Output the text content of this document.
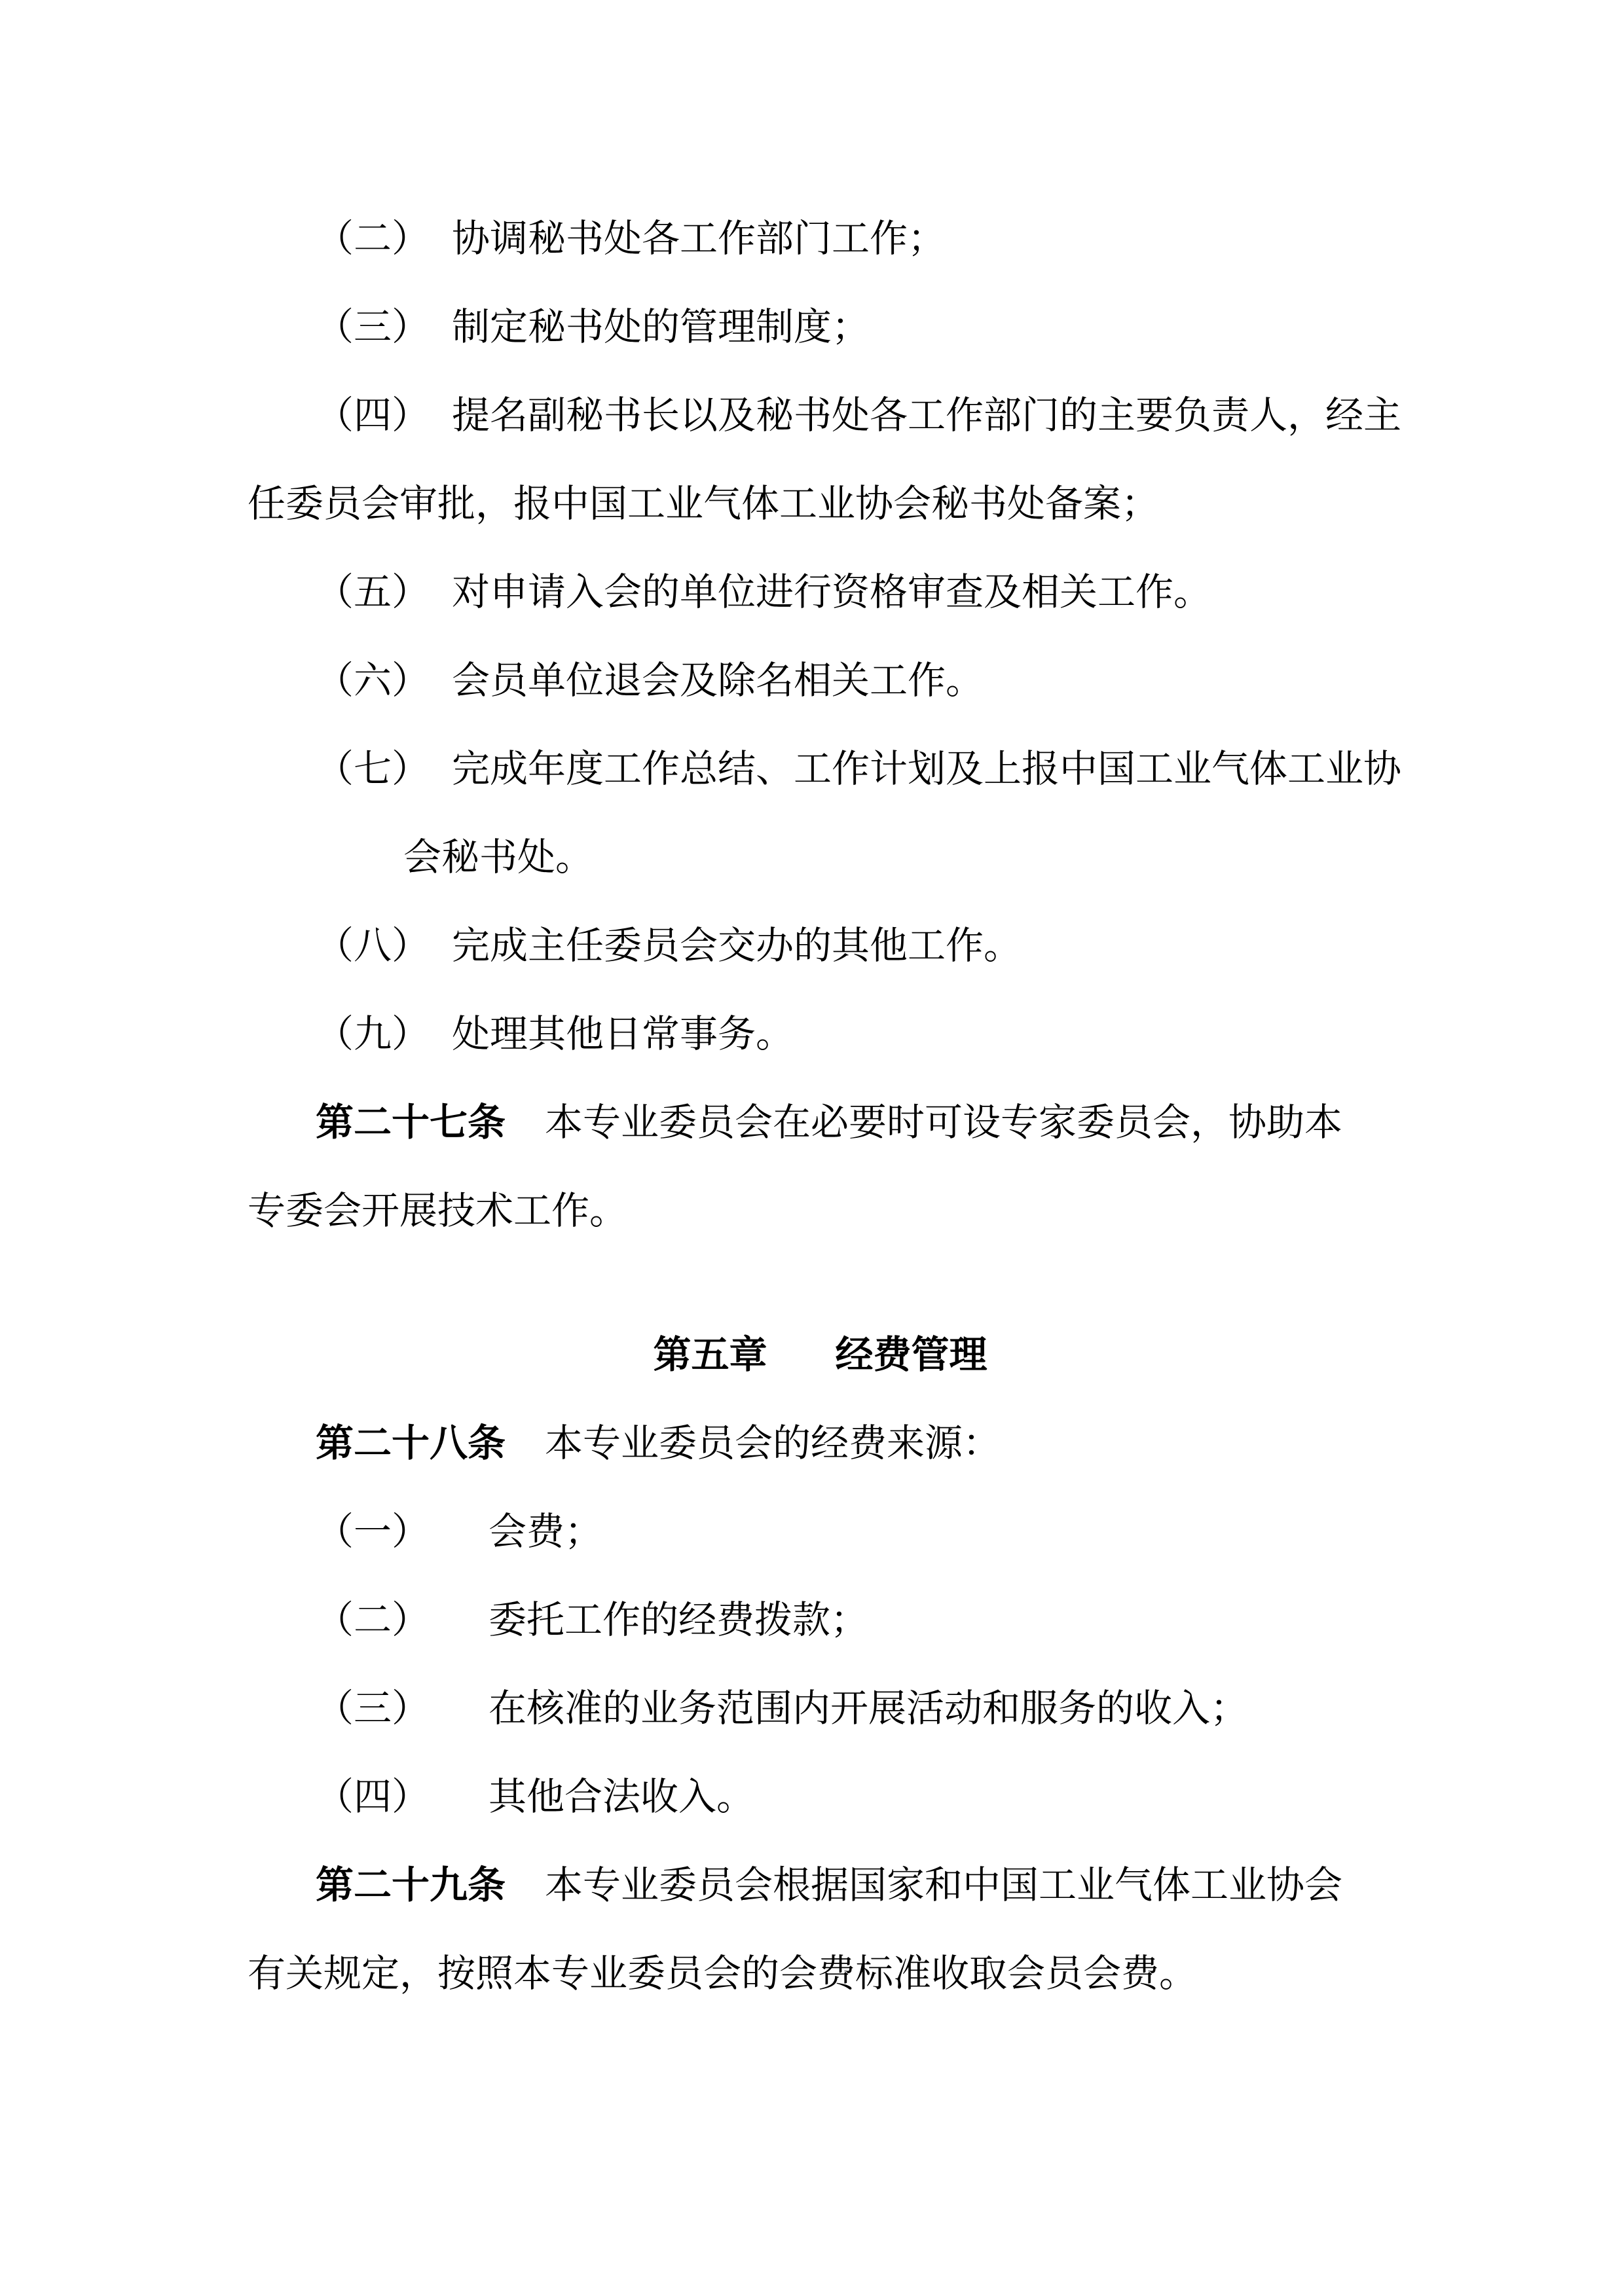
（二） 协调秘书处各工作部门工作；
（三） 制定秘书处的管理制度；
（四） 提名副秘书长以及秘书处各工作部门的主要负责人，经主
任委员会审批，报中国工业气体工业协会秘书处备案；
（五） 对申请入会的单位进行资格审查及相关工作。
（六） 会员单位退会及除名相关工作。
（七） 完成年度工作总结、工作计划及上报中国工业气体工业协
会秘书处。
（八） 完成主任委员会交办的其他工作。
（九） 处理其他日常事务。
第二十七条 本专业委员会在必要时可设专家委员会，协助本
专委会开展技术工作。
第五章 经费管理
第二十八条 本专业委员会的经费来源：
（一） 会费；
（二） 委托工作的经费拨款；
（三） 在核准的业务范围内开展活动和服务的收入；
（四） 其他合法收入。
第二十九条 本专业委员会根据国家和中国工业气体工业协会
有关规定，按照本专业委员会的会费标准收取会员会费。
